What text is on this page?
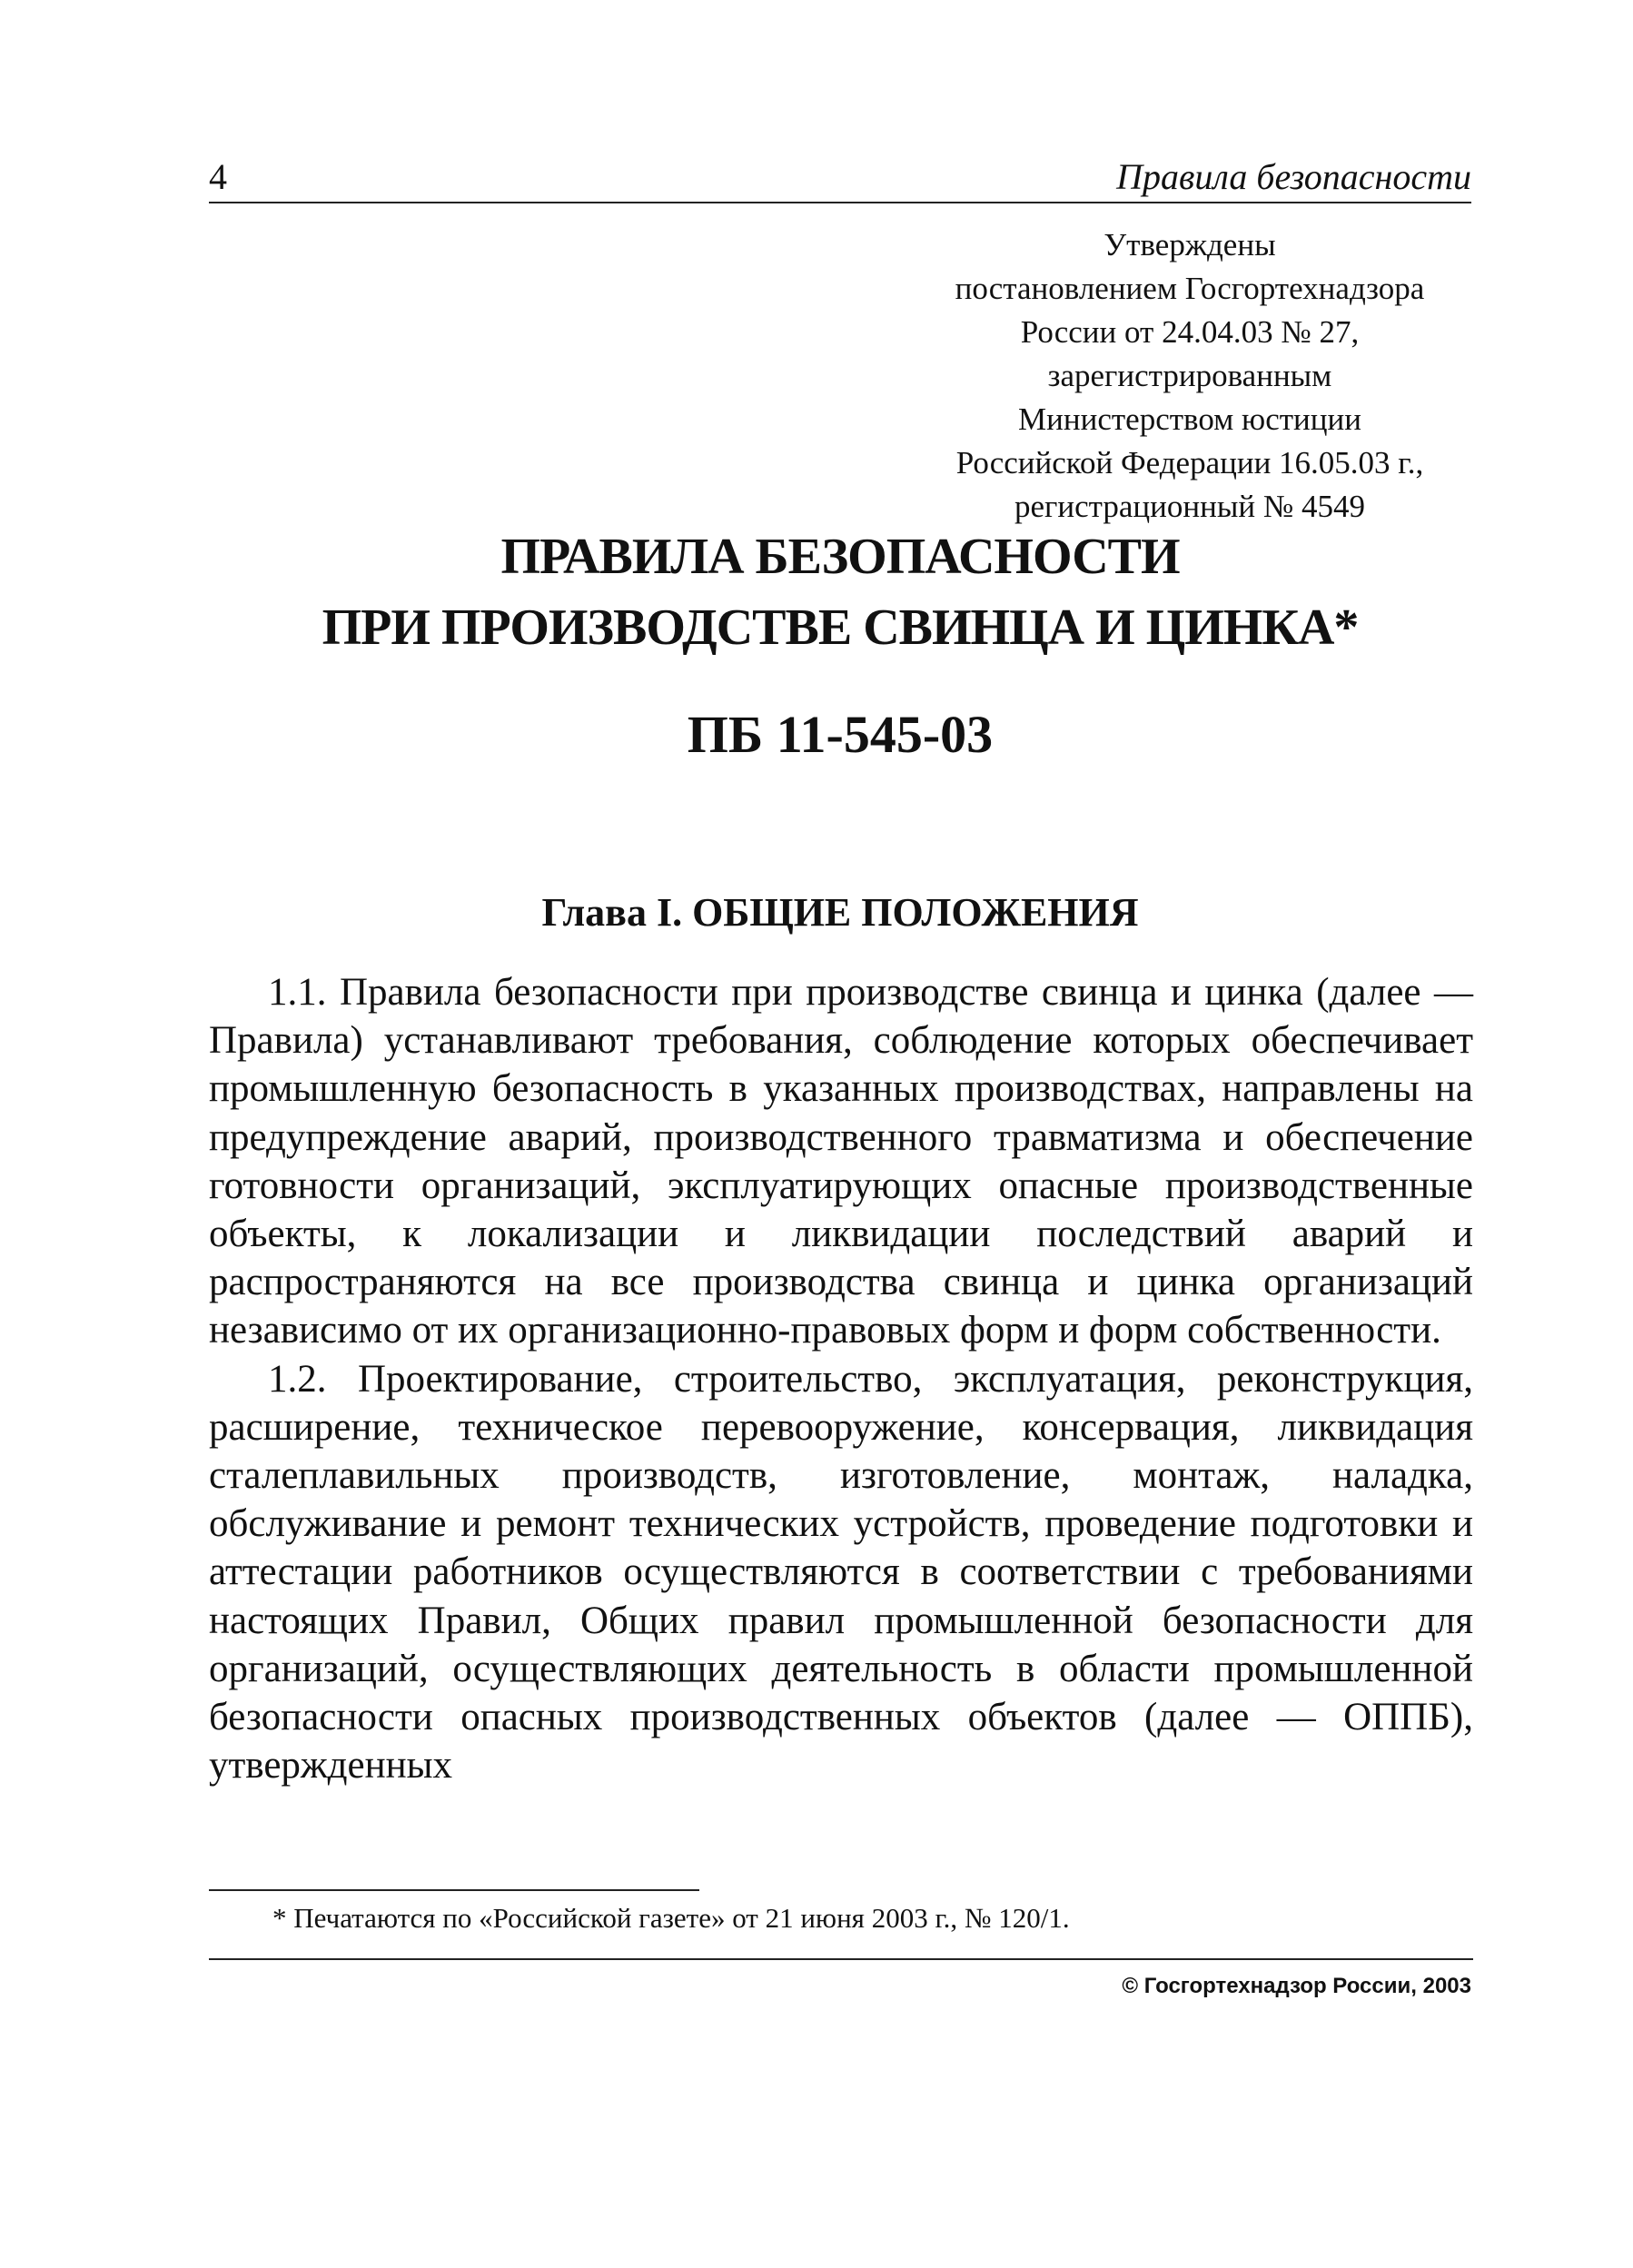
4	Правила безопасности
Утверждены
постановлением Госгортехнадзора
России от 24.04.03 № 27,
зарегистрированным
Министерством юстиции
Российской Федерации 16.05.03 г.,
регистрационный № 4549
ПРАВИЛА БЕЗОПАСНОСТИ
ПРИ ПРОИЗВОДСТВЕ СВИНЦА И ЦИНКА*
ПБ 11-545-03
Глава I. ОБЩИЕ ПОЛОЖЕНИЯ

1.1. Правила безопасности при производстве свинца и цинка (далее — Правила) устанавливают требования, соблюдение которых обеспечивает промышленную безопасность в указанных производствах, направлены на предупреждение аварий, производственного травматизма и обеспечение готовности организаций, эксплуатирующих опасные производственные объекты, к локализации и ликвидации последствий аварий и распространяются на все производства свинца и цинка организаций независимо от их организационно-правовых форм и форм собственности.

1.2. Проектирование, строительство, эксплуатация, реконструкция, расширение, техническое перевооружение, консервация, ликвидация сталеплавильных производств, изготовление, монтаж, наладка, обслуживание и ремонт технических устройств, проведение подготовки и аттестации работников осуществляются в соответствии с требованиями настоящих Правил, Общих правил промышленной безопасности для организаций, осуществляющих деятельность в области промышленной безопасности опасных производственных объектов (далее — ОППБ), утвержденных

* Печатаются по «Российской газете» от 21 июня 2003 г., № 120/1.
© Госгортехнадзор России, 2003
